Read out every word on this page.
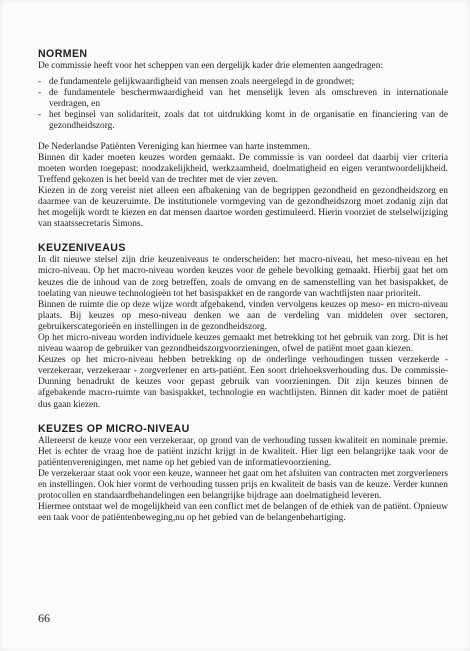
NORMEN

De commissie heeft voor het scheppen van een dergelijk kader drie elementen aangedragen:

- de fundamentele gelijkwaardigheid van mensen zoals neergelegd in de grondwet;
- de fundamentele beschermwaardigheid van het menselijk leven als omschreven in internationale verdragen, en
- het beginsel van solidariteit, zoals dat tot uitdrukking komt in de organisatie en financiering van de gezondheidszorg.

De Nederlandse Patiënten Vereniging kan hiermee van harte instemmen.

Binnen dit kader moeten keuzes worden gemaakt. De commissie is van oordeel dat daarbij vier criteria moeten worden toegepast: noodzakelijkheid, werkzaamheid, doelmatigheid en eigen verantwoordelijkheid. Treffend gekozen is het beeld van de trechter met de vier zeven.

Kiezen in de zorg vereist niet alleen een afbakening van de begrippen gezondheid en gezondheidszorg en daarmee van de keuzeruimte. De institutionele vormgeving van de gezondheidszorg moet zodanig zijn dat het mogelijk wordt te kiezen en dat mensen daartoe worden gestimuleerd. Hierin voorziet de stelselwijziging van staatssecretaris Simons.

KEUZENIVEAUS

In dit nieuwe stelsel zijn drie keuzeniveaus te onderscheiden: het macro-niveau, het meso-niveau en het micro-niveau. Op het macro-niveau worden keuzes voor de gehele bevolking gemaakt. Hierbij gaat het om keuzes die de inhoud van de zorg betreffen, zoals de omvang en de samenstelling van het basispakket, de toelating van nieuwe technologieën tot het basispakket en de rangorde van wachtlijsten naar prioriteit.

Binnen de ruimte die op deze wijze wordt afgebakend, vinden vervolgens keuzes op meso- en micro-niveau plaats. Bij keuzes op meso-niveau denken we aan de verdeling van middelen over sectoren, gebruikerscategorieën en instellingen in de gezondheidszorg.

Op het micro-niveau worden individuele keuzes gemaakt met betrekking tot het gebruik van zorg. Dit is het niveau waarop de gebruiker van gezondheidszorgvoorzieningen, ofwel de patiënt moet gaan kiezen.

Keuzes op het micro-niveau hebben betrekking op de onderlinge verhoudingen tussen verzekerde - verzekeraar, verzekeraar - zorgverlener en arts-patiënt. Een soort driehoeksverhouding dus. De commissie-Dunning benadrukt de keuzes voor gepast gebruik van voorzieningen. Dit zijn keuzes binnen de afgebakende macro-ruimte van basispakket, technologie en wachtlijsten. Binnen dit kader moet de patiënt dus gaan kiezen.

KEUZES OP MICRO-NIVEAU

Allereerst de keuze voor een verzekeraar, op grond van de verhouding tussen kwaliteit en nominale premie. Het is echter de vraag hoe de patiënt inzicht krijgt in de kwaliteit. Hier ligt een belangrijke taak voor de patiëntenverenigingen, met name op het gebied van de informatievoorziening.

De verzekeraar staat ook voor een keuze, wanneer het gaat om het afsluiten van contracten met zorgverleners en instellingen. Ook hier vormt de verhouding tussen prijs en kwaliteit de basis van de keuze. Verder kunnen protocollen en standaardbehandelingen een belangrijke bijdrage aan doelmatigheid leveren.

Hiermee ontstaat wel de mogelijkheid van een conflict met de belangen of de ethiek van de patiënt. Opnieuw een taak voor de patiëntenbeweging,nu op het gebied van de belangenbehartiging.

66
